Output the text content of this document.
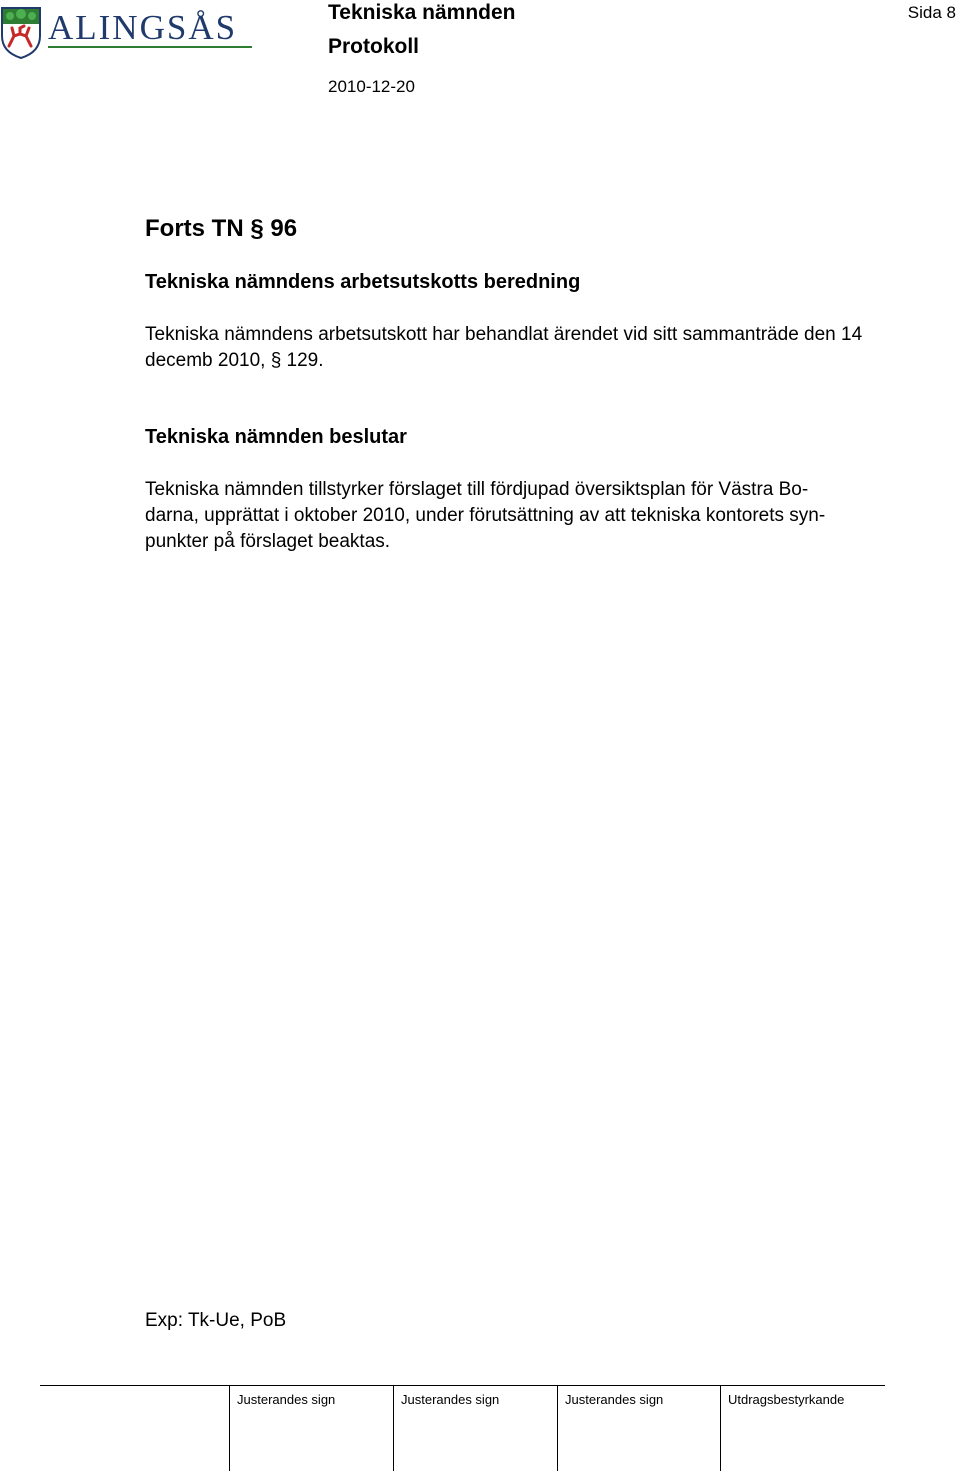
ALINGSÅS	Tekniska nämnden
Protokoll
2010-12-20
Sida 8
Forts TN § 96
Tekniska nämndens arbetsutskotts beredning
Tekniska nämndens arbetsutskott har behandlat ärendet vid sitt sammanträde den 14 decemb 2010, § 129.
Tekniska nämnden beslutar
Tekniska nämnden tillstyrker förslaget till fördjupad översiktsplan för Västra Bo-
darna, upprättat i oktober 2010, under förutsättning av att tekniska kontorets syn-
punkter på förslaget beaktas.
Exp: Tk-Ue, PoB
Justerandes sign	Justerandes sign	Justerandes sign	Utdragsbestyrkande
